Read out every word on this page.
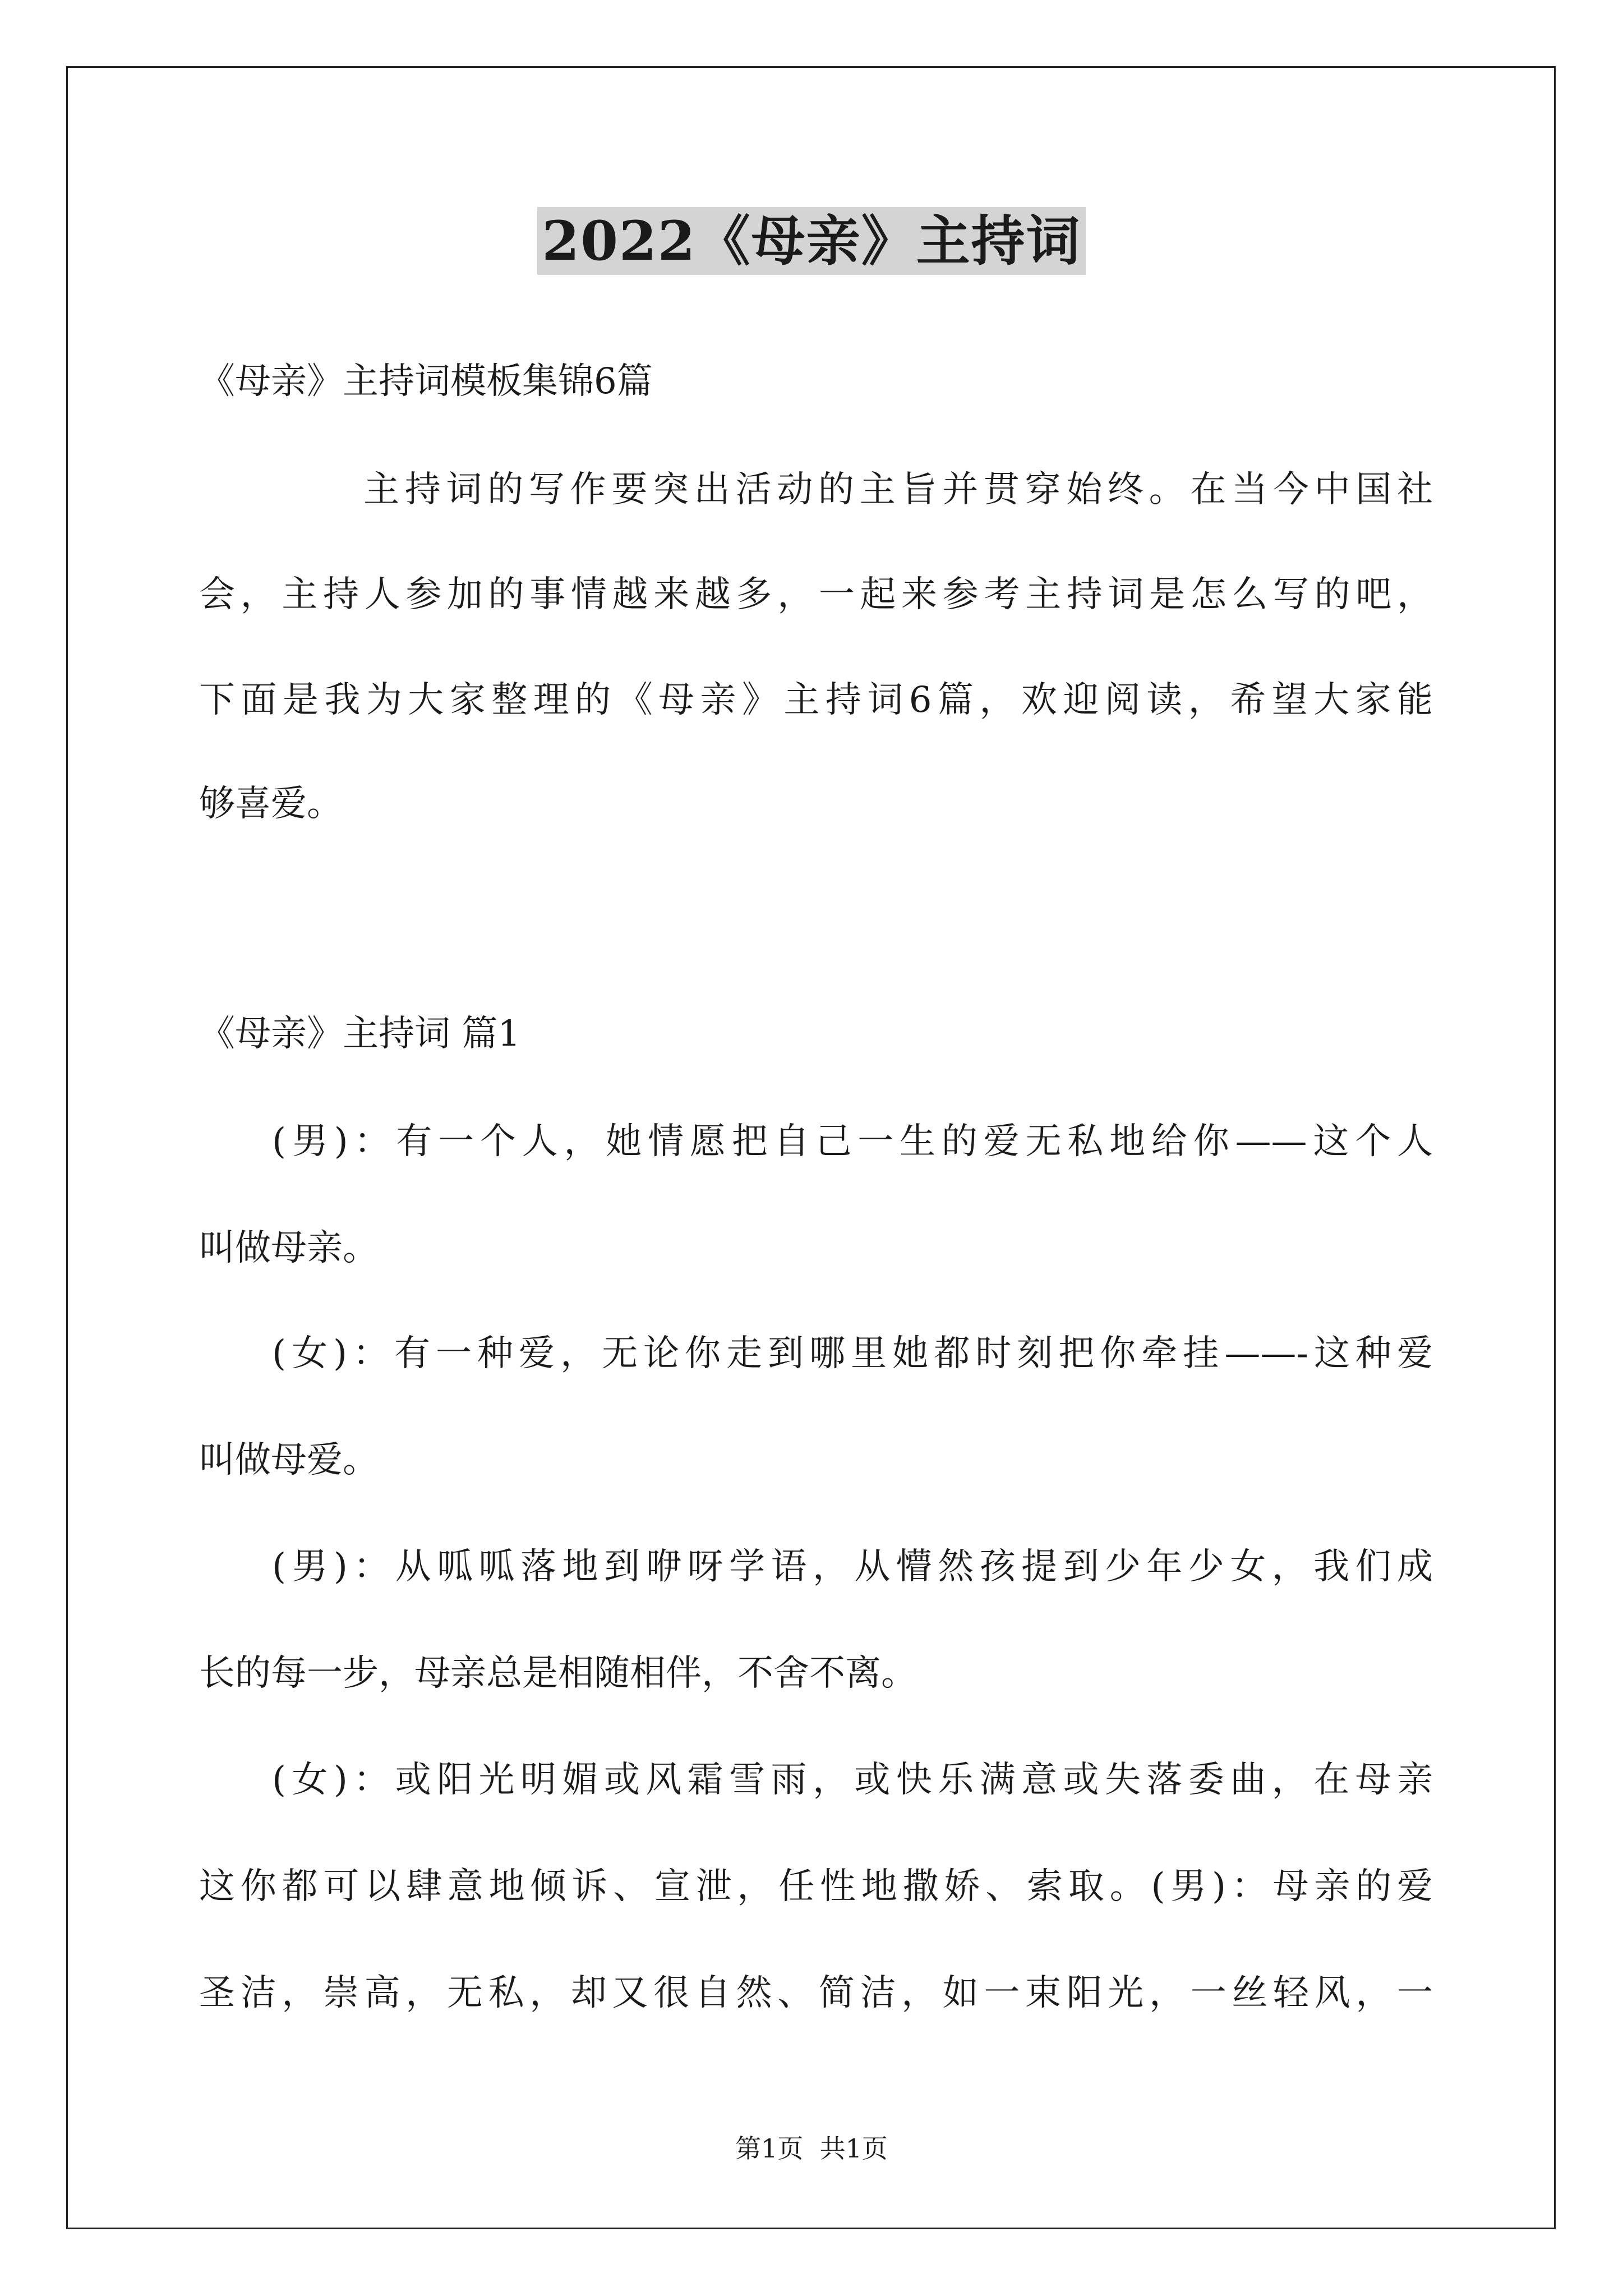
2022《母亲》主持词
《母亲》主持词模板集锦6篇
主持词的写作要突出活动的主旨并贯穿始终。在当今中国社
会，主持人参加的事情越来越多，一起来参考主持词是怎么写的吧，
下面是我为大家整理的《母亲》主持词6篇，欢迎阅读，希望大家能
够喜爱。
《母亲》主持词 篇1
(男)：有一个人，她情愿把自己一生的爱无私地给你——这个人
叫做母亲。
(女)：有一种爱，无论你走到哪里她都时刻把你牵挂——-这种爱
叫做母爱。
(男)：从呱呱落地到咿呀学语，从懵然孩提到少年少女，我们成
长的每一步，母亲总是相随相伴，不舍不离。
(女)：或阳光明媚或风霜雪雨，或快乐满意或失落委曲，在母亲
这你都可以肆意地倾诉、宣泄，任性地撒娇、索取。(男)：母亲的爱
圣洁，崇高，无私，却又很自然、简洁，如一束阳光，一丝轻风，一
第1页  共1页
